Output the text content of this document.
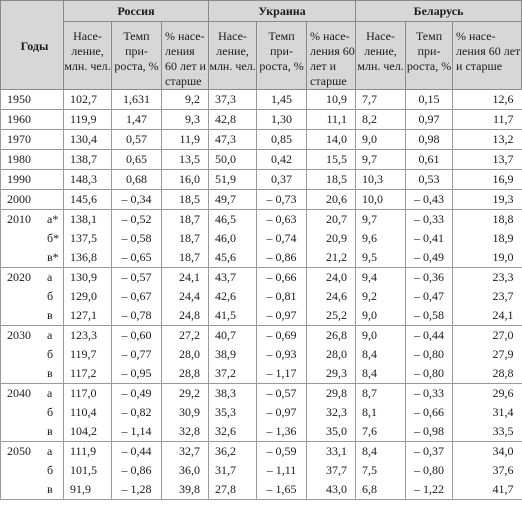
Годы	Россия			Украина			Беларусь		
	Насе-ление, млн. чел.	Темп при-роста, %	% насе-ления 60 лет и старше	Насе-ление, млн. чел.	Темп при-роста, %	% насе-ления 60 лет и старше	Насе-ление, млн. чел.	Темп при-роста, %	% насе-ления 60 лет и старше
1950	102,7	1,631	9,2	37,3	1,45	10,9	7,7	0,15	12,6
1960	119,9	1,47	9,3	42,8	1,30	11,1	8,2	0,97	11,7
1970	130,4	0,57	11,9	47,3	0,85	14,0	9,0	0,98	13,2
1980	138,7	0,65	13,5	50,0	0,42	15,5	9,7	0,61	13,7
1990	148,3	0,68	16,0	51,9	0,37	18,5	10,3	0,53	16,9
2000	145,6	– 0,34	18,5	49,7	– 0,73	20,6	10,0	– 0,43	19,3
2010 а*	138,1	– 0,52	18,7	46,5	– 0,63	20,7	9,7	– 0,33	18,8

б*	137,5	– 0,58	18,7	46,0	– 0,74	20,9	9,6	– 0,41	18,9

в*	136,8	– 0,65	18,7	45,6	– 0,86	21,2	9,5	– 0,49	19,0
2020 а	130,9	– 0,57	24,1	43,7	– 0,66	24,0	9,4	– 0,36	23,3

б	129,0	– 0,67	24,4	42,6	– 0,81	24,6	9,2	– 0,47	23,7

в	127,1	– 0,78	24,8	41,5	– 0,97	25,2	9,0	– 0,58	24,1
2030 а	123,3	– 0,60	27,2	40,7	– 0,69	26,8	9,0	– 0,44	27,0

б	119,7	– 0,77	28,0	38,9	– 0,93	28,0	8,4	– 0,80	27,9

в	117,2	– 0,95	28,8	37,2	– 1,17	29,3	8,4	– 0,80	28,8
2040 а	117,0	– 0,49	29,2	38,3	– 0,57	29,8	8,7	– 0,33	29,6

б	110,4	– 0,82	30,9	35,3	– 0,97	32,3	8,1	– 0,66	31,4

в	104,2	– 1,14	32,8	32,6	– 1,36	35,0	7,6	– 0,98	33,5
2050 а	111,9	– 0,44	32,7	36,2	– 0,59	33,1	8,4	– 0,37	34,0

б	101,5	– 0,86	36,0	31,7	– 1,11	37,7	7,5	– 0,80	37,6

в	91,9	– 1,28	39,8	27,8	– 1,65	43,0	6,8	– 1,22	41,7
